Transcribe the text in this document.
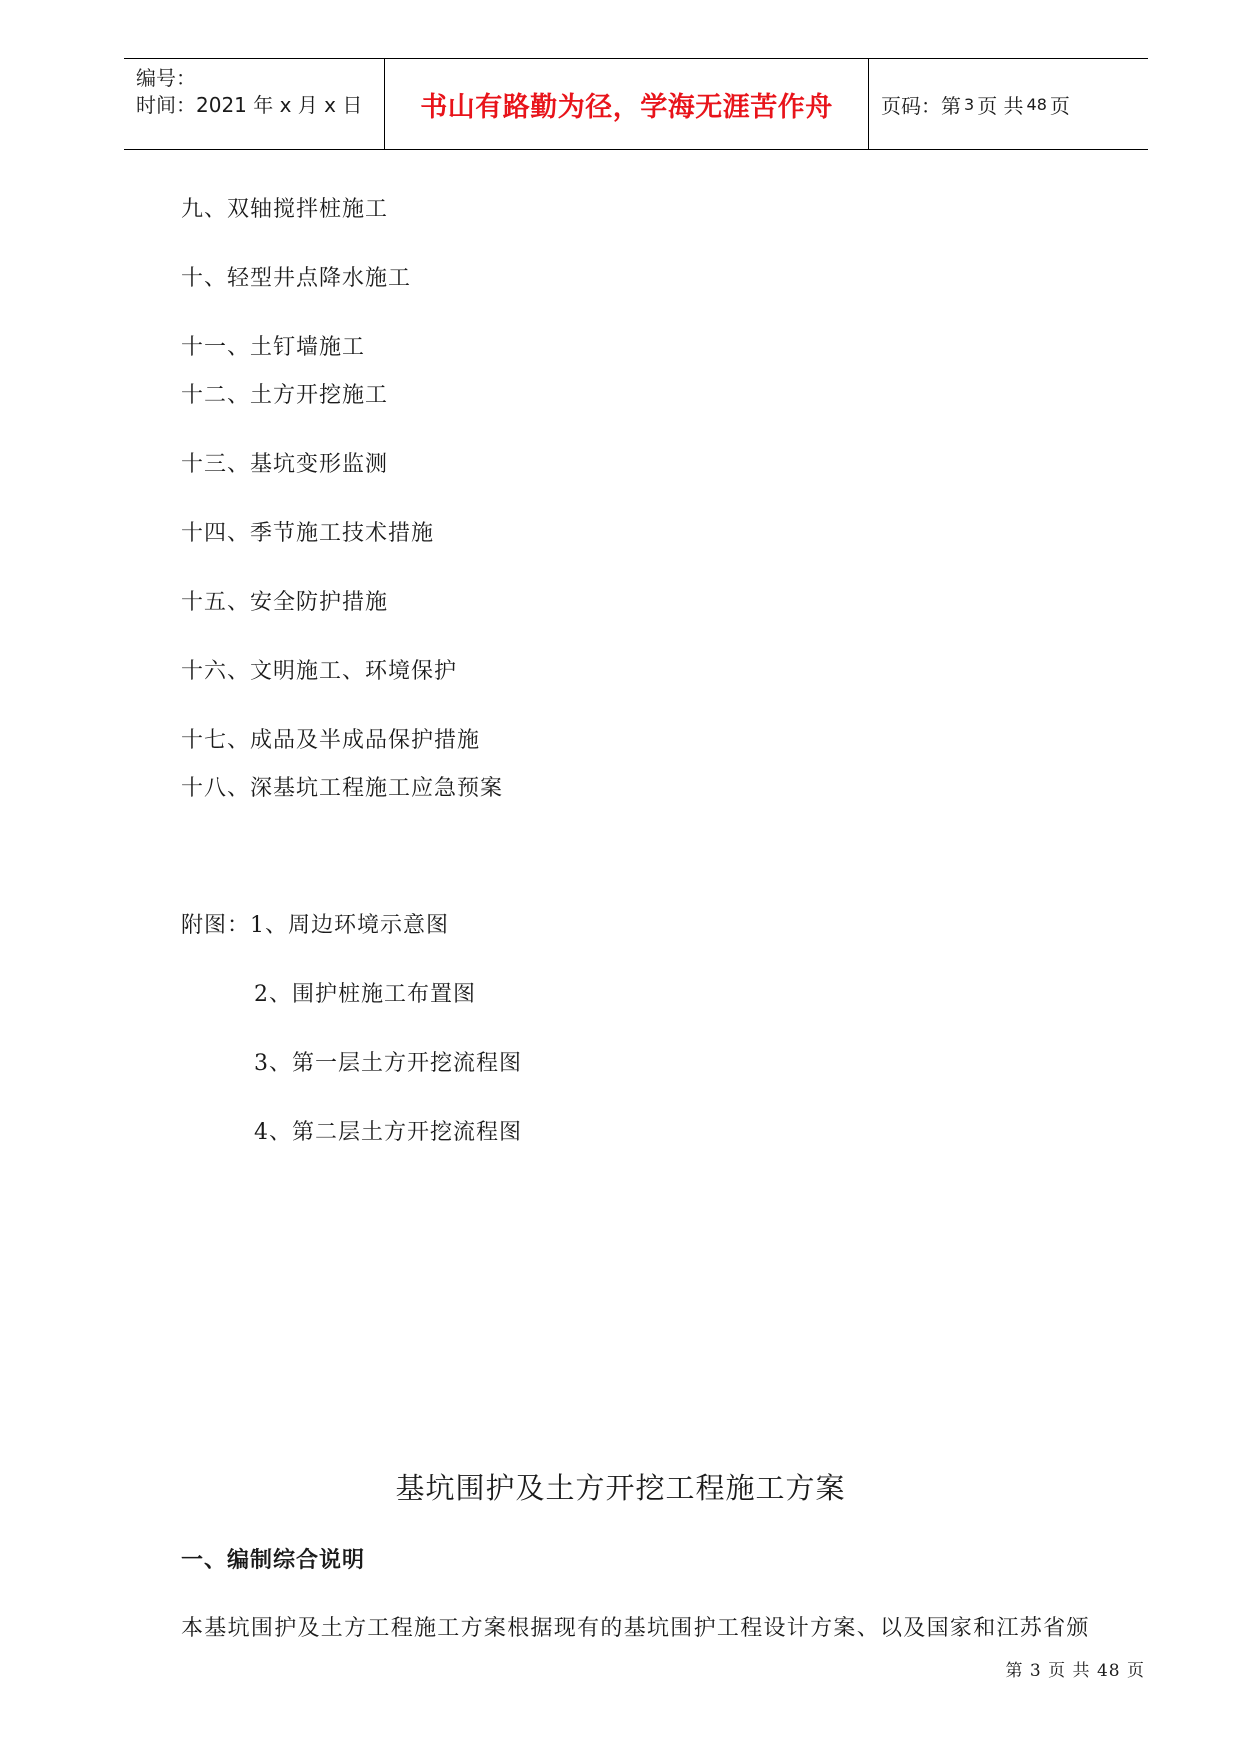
编号：
时间：2021 年 x 月 x 日	书山有路勤为径，学海无涯苦作舟	页码：第 3 页 共 48 页
九、双轴搅拌桩施工
十、轻型井点降水施工
十一、土钉墙施工
十二、土方开挖施工
十三、基坑变形监测
十四、季节施工技术措施
十五、安全防护措施
十六、文明施工、环境保护
十七、成品及半成品保护措施
十八、深基坑工程施工应急预案
附图：1、周边环境示意图
2、围护桩施工布置图
3、第一层土方开挖流程图
4、第二层土方开挖流程图
基坑围护及土方开挖工程施工方案
一、编制综合说明
本基坑围护及土方工程施工方案根据现有的基坑围护工程设计方案、以及国家和江苏省颁
第 3 页 共 48 页
